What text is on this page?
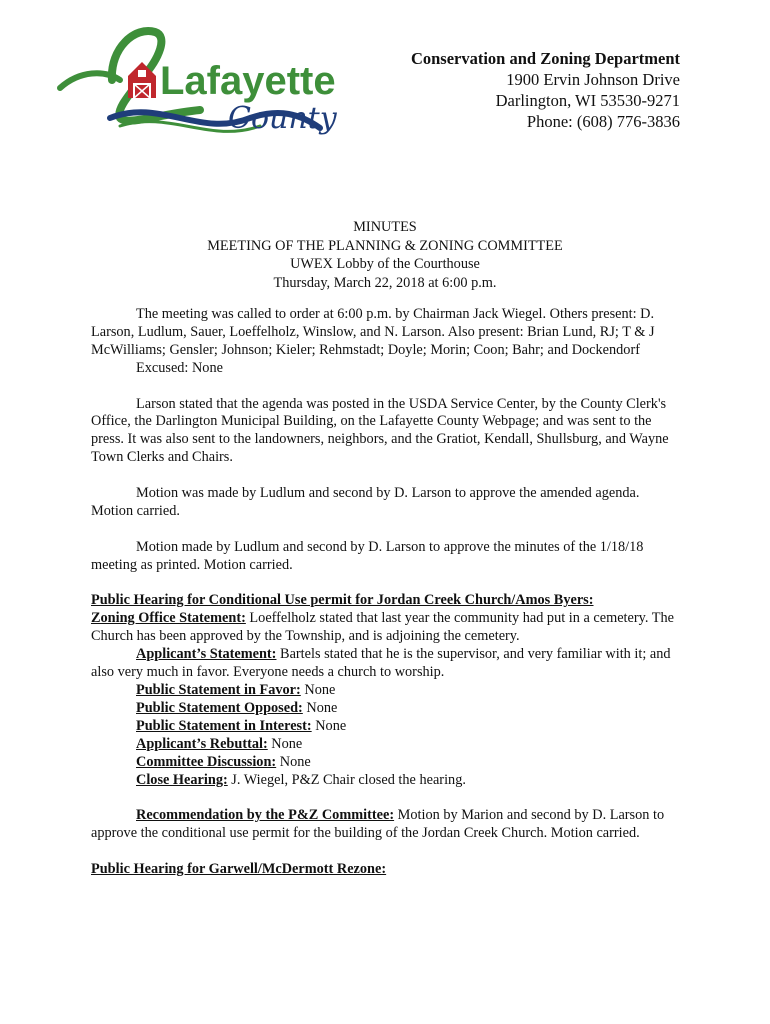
Lafayette
County
Conservation and Zoning Department
1900 Ervin Johnson Drive
Darlington, WI 53530-9271
Phone: (608) 776-3836
MINUTES
MEETING OF THE PLANNING & ZONING COMMITTEE
UWEX Lobby of the Courthouse
Thursday, March 22, 2018 at 6:00 p.m.

The meeting was called to order at 6:00 p.m. by Chairman Jack Wiegel. Others present: D. Larson, Ludlum, Sauer, Loeffelholz, Winslow, and N. Larson. Also present: Brian Lund, RJ; T & J McWilliams; Gensler; Johnson; Kieler; Rehmstadt; Doyle; Morin; Coon; Bahr; and Dockendorf
Excused: None

Larson stated that the agenda was posted in the USDA Service Center, by the County Clerk's Office, the Darlington Municipal Building, on the Lafayette County Webpage; and was sent to the press. It was also sent to the landowners, neighbors, and the Gratiot, Kendall, Shullsburg, and Wayne Town Clerks and Chairs.

Motion was made by Ludlum and second by D. Larson to approve the amended agenda. Motion carried.

Motion made by Ludlum and second by D. Larson to approve the minutes of the 1/18/18 meeting as printed. Motion carried.

Public Hearing for Conditional Use permit for Jordan Creek Church/Amos Byers:
Zoning Office Statement: Loeffelholz stated that last year the community had put in a cemetery. The Church has been approved by the Township, and is adjoining the cemetery.
Applicant’s Statement: Bartels stated that he is the supervisor, and very familiar with it; and also very much in favor. Everyone needs a church to worship.
Public Statement in Favor: None
Public Statement Opposed: None
Public Statement in Interest: None
Applicant’s Rebuttal: None
Committee Discussion: None
Close Hearing: J. Wiegel, P&Z Chair closed the hearing.
Recommendation by the P&Z Committee: Motion by Marion and second by D. Larson to approve the conditional use permit for the building of the Jordan Creek Church. Motion carried.
Public Hearing for Garwell/McDermott Rezone:
